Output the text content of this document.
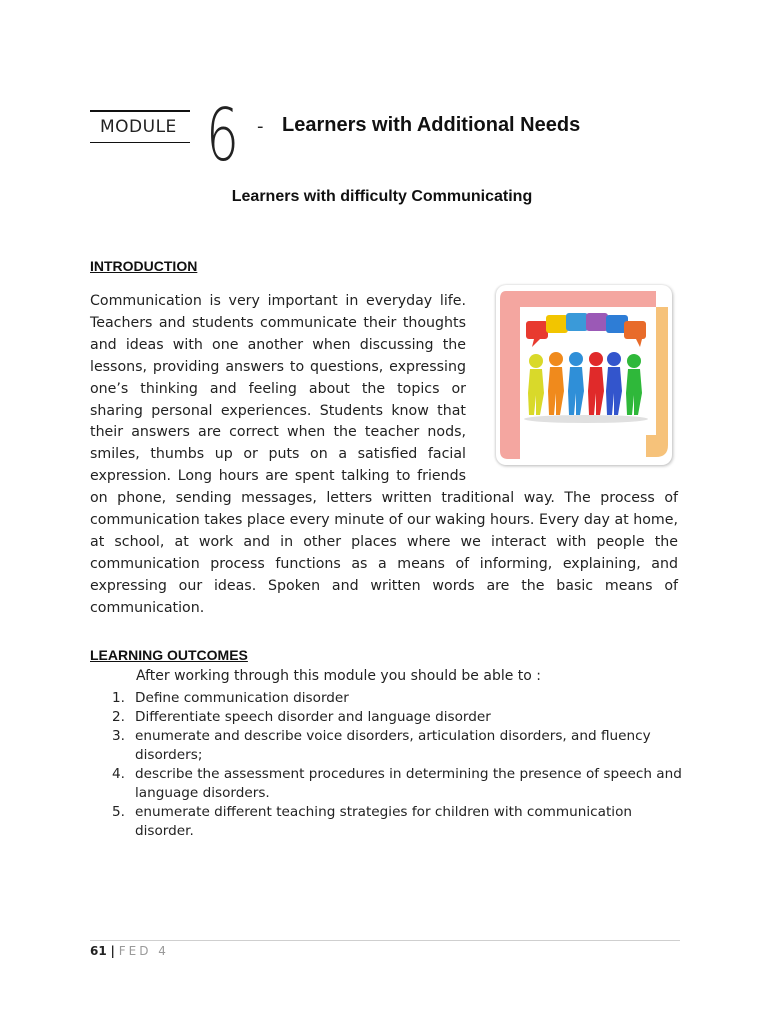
MODULE 6 - Learners with Additional Needs
Learners with difficulty Communicating
INTRODUCTION
Communication is very important in everyday life. Teachers and students communicate their thoughts and ideas with one another when discussing the lessons, providing answers to questions, expressing one’s thinking and feeling about the topics or sharing personal experiences. Students know that their answers are correct when the teacher nods, smiles, thumbs up or puts on a satisfied facial expression. Long hours are spent talking to friends on phone, sending messages, letters written traditional way. The process of communication takes place every minute of our waking hours. Every day at home, at school, at work and in other places where we interact with people the communication process functions as a means of informing, explaining, and expressing our ideas. Spoken and written words are the basic means of communication.
LEARNING OUTCOMES
After working through this module you should be able to :
1. Define communication disorder
2. Differentiate speech disorder and language disorder
3. enumerate and describe voice disorders, articulation disorders, and fluency disorders;
4. describe the assessment procedures in determining the presence of speech and language disorders.
5. enumerate different teaching strategies for children with communication disorder.
61 | FED 4
